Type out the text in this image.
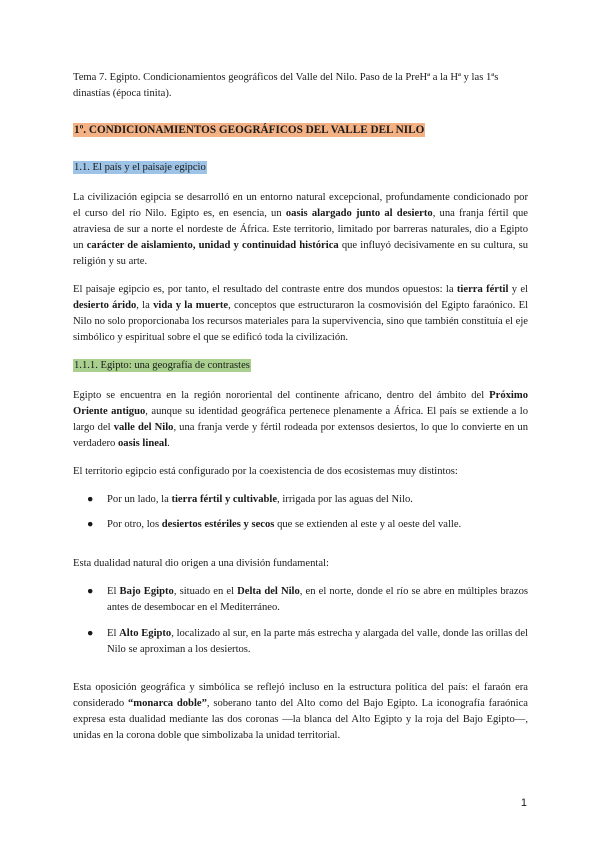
Tema 7. Egipto. Condicionamientos geográficos del Valle del Nilo. Paso de la PreHª a la Hª y las 1ªs dinastías (época tinita).

1º. CONDICIONAMIENTOS GEOGRÁFICOS DEL VALLE DEL NILO

1.1. El país y el paisaje egipcio

La civilización egipcia se desarrolló en un entorno natural excepcional, profundamente condicionado por el curso del río Nilo. Egipto es, en esencia, un oasis alargado junto al desierto, una franja fértil que atraviesa de sur a norte el nordeste de África. Este territorio, limitado por barreras naturales, dio a Egipto un carácter de aislamiento, unidad y continuidad histórica que influyó decisivamente en su cultura, su religión y su arte.

El paisaje egipcio es, por tanto, el resultado del contraste entre dos mundos opuestos: la tierra fértil y el desierto árido, la vida y la muerte, conceptos que estructuraron la cosmovisión del Egipto faraónico. El Nilo no solo proporcionaba los recursos materiales para la supervivencia, sino que también constituía el eje simbólico y espiritual sobre el que se edificó toda la civilización.

1.1.1. Egipto: una geografía de contrastes

Egipto se encuentra en la región nororiental del continente africano, dentro del ámbito del Próximo Oriente antiguo, aunque su identidad geográfica pertenece plenamente a África. El país se extiende a lo largo del valle del Nilo, una franja verde y fértil rodeada por extensos desiertos, lo que lo convierte en un verdadero oasis lineal.

El territorio egipcio está configurado por la coexistencia de dos ecosistemas muy distintos:

● Por un lado, la tierra fértil y cultivable, irrigada por las aguas del Nilo.
● Por otro, los desiertos estériles y secos que se extienden al este y al oeste del valle.

Esta dualidad natural dio origen a una división fundamental:

● El Bajo Egipto, situado en el Delta del Nilo, en el norte, donde el río se abre en múltiples brazos antes de desembocar en el Mediterráneo.
● El Alto Egipto, localizado al sur, en la parte más estrecha y alargada del valle, donde las orillas del Nilo se aproximan a los desiertos.

Esta oposición geográfica y simbólica se reflejó incluso en la estructura política del país: el faraón era considerado “monarca doble”, soberano tanto del Alto como del Bajo Egipto. La iconografía faraónica expresa esta dualidad mediante las dos coronas —la blanca del Alto Egipto y la roja del Bajo Egipto—, unidas en la corona doble que simbolizaba la unidad territorial.

1
